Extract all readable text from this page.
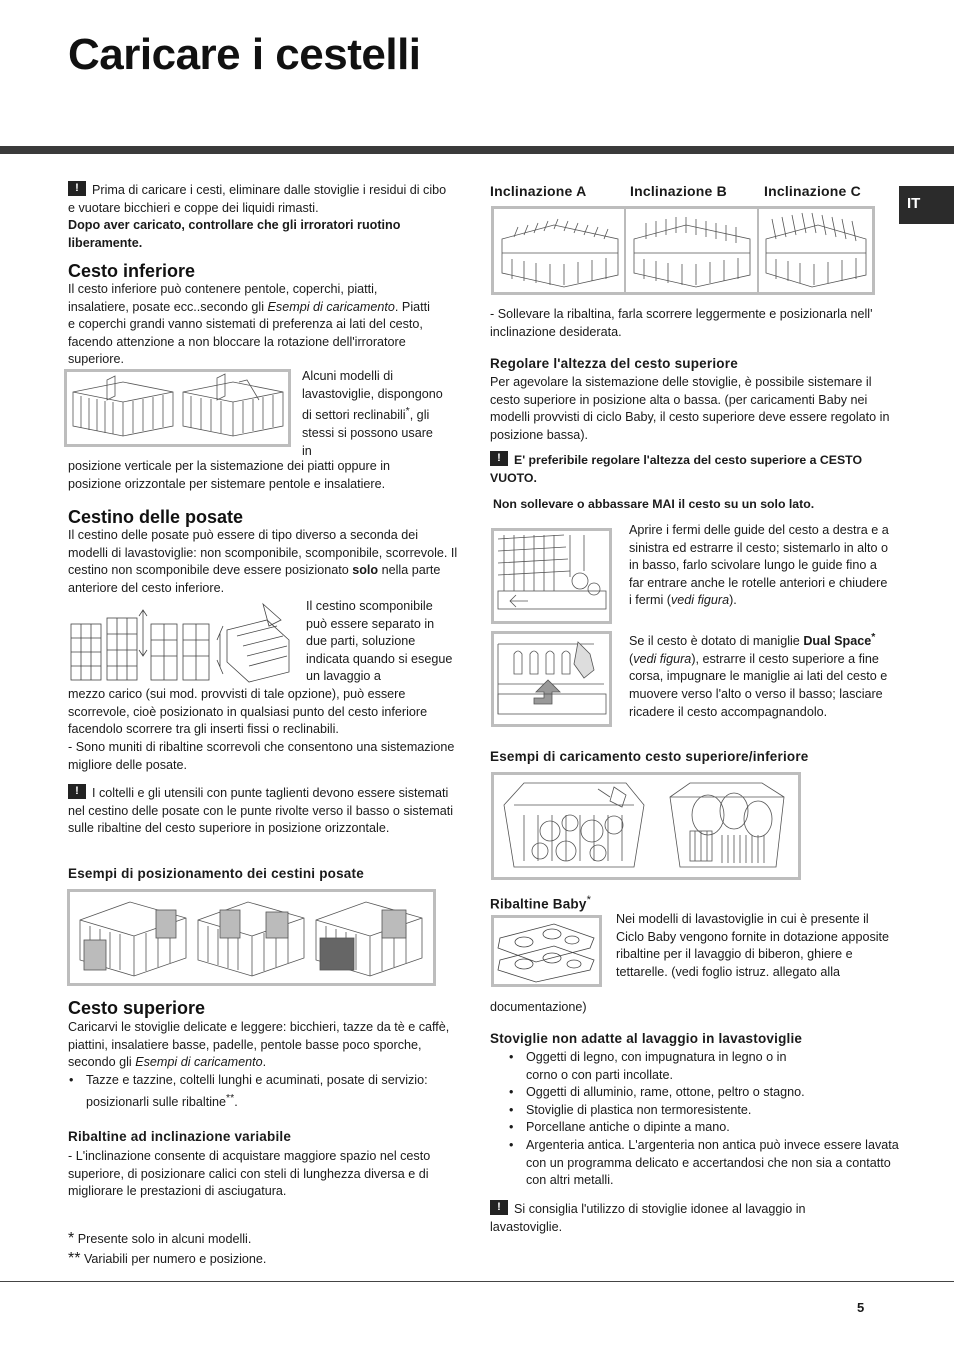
Caricare i cestelli
IT
!Prima di caricare i cesti, eliminare dalle stoviglie i residui di cibo e vuotare bicchieri e coppe dei liquidi rimasti.
Dopo aver caricato, controllare che gli irroratori ruotino liberamente.
Cesto inferiore
Il cesto inferiore può contenere pentole, coperchi, piatti, insalatiere, posate ecc..secondo gli Esempi di caricamento. Piatti e coperchi grandi vanno sistemati di preferenza ai lati del cesto, facendo attenzione a non bloccare la rotazione dell'irroratore superiore.
Alcuni modelli di lavastoviglie, dispongono di settori reclinabili*, gli stessi si possono usare in
posizione verticale per la sistemazione dei piatti oppure in posizione orizzontale per sistemare pentole e insalatiere.
Cestino delle posate
Il cestino delle posate può essere di tipo diverso a seconda dei modelli di lavastoviglie: non scomponibile, scomponibile, scorrevole. Il cestino non scomponibile deve essere posizionato solo nella parte anteriore del cesto inferiore.
Il cestino scomponibile può essere separato in due parti, soluzione indicata quando si esegue un lavaggio a
mezzo carico (sui mod. provvisti di tale opzione), può essere scorrevole, cioè posizionato in qualsiasi punto del cesto inferiore facendolo scorrere tra gli inserti fissi o reclinabili.
- Sono muniti di ribaltine scorrevoli che consentono una sistemazione migliore delle posate.
!I coltelli e gli utensili con punte taglienti devono essere sistemati nel cestino delle posate con le punte rivolte verso il basso o sistemati sulle ribaltine del cesto superiore in posizione orizzontale.
Esempi di posizionamento dei cestini posate
Cesto superiore
Caricarvi le stoviglie delicate e leggere: bicchieri, tazze da tè e caffè, piattini, insalatiere basse, padelle, pentole basse poco sporche, secondo gli Esempi di caricamento.
• Tazze e tazzine, coltelli lunghi e acuminati, posate di servizio: posizionarli sulle ribaltine**.
Ribaltine ad inclinazione variabile
- L'inclinazione consente di acquistare maggiore spazio nel cesto superiore, di posizionare calici con steli di lunghezza diversa e di migliorare le prestazioni di asciugatura.
* Presente solo in alcuni modelli.
** Variabili per numero e posizione.
Inclinazione A	Inclinazione B	Inclinazione C
- Sollevare la ribaltina, farla scorrere leggermente e posizionarla nell' inclinazione desiderata.
Regolare l'altezza del cesto superiore
Per agevolare la sistemazione delle stoviglie, è possibile sistemare il cesto superiore in posizione alta o bassa. (per caricamenti Baby nei modelli provvisti di ciclo Baby, il cesto superiore deve essere regolato in posizione bassa).
!E' preferibile regolare l'altezza del cesto superiore a CESTO VUOTO.
Non sollevare o abbassare MAI il cesto su un solo lato.
Aprire i fermi delle guide del cesto a destra e a sinistra ed estrarre il cesto; sistemarlo in alto o in basso, farlo scivolare lungo le guide fino a far entrare anche le rotelle anteriori e chiudere i fermi (vedi figura).
Se il cesto è dotato di maniglie Dual Space* (vedi figura), estrarre il cesto superiore a fine corsa, impugnare le maniglie ai lati del cesto e muovere verso l'alto o verso il basso; lasciare ricadere il cesto accompagnandolo.
Esempi di caricamento cesto superiore/inferiore
Ribaltine Baby*
Nei modelli di lavastoviglie in cui è presente il Ciclo Baby vengono fornite in dotazione apposite ribaltine per il lavaggio di biberon, ghiere e tettarelle. (vedi foglio istruz. allegato alla
documentazione)
Stoviglie non adatte al lavaggio in lavastoviglie
• Oggetti di legno, con impugnatura in legno o in corno o con parti incollate.
• Oggetti di alluminio, rame, ottone, peltro o stagno.
• Stoviglie di plastica non termoresistente.
• Porcellane antiche o dipinte a mano.
• Argenteria antica. L'argenteria non antica può invece essere lavata con un programma delicato e accertandosi che non sia a contatto con altri metalli.
!Si consiglia l'utilizzo di stoviglie idonee al lavaggio in lavastoviglie.
5
